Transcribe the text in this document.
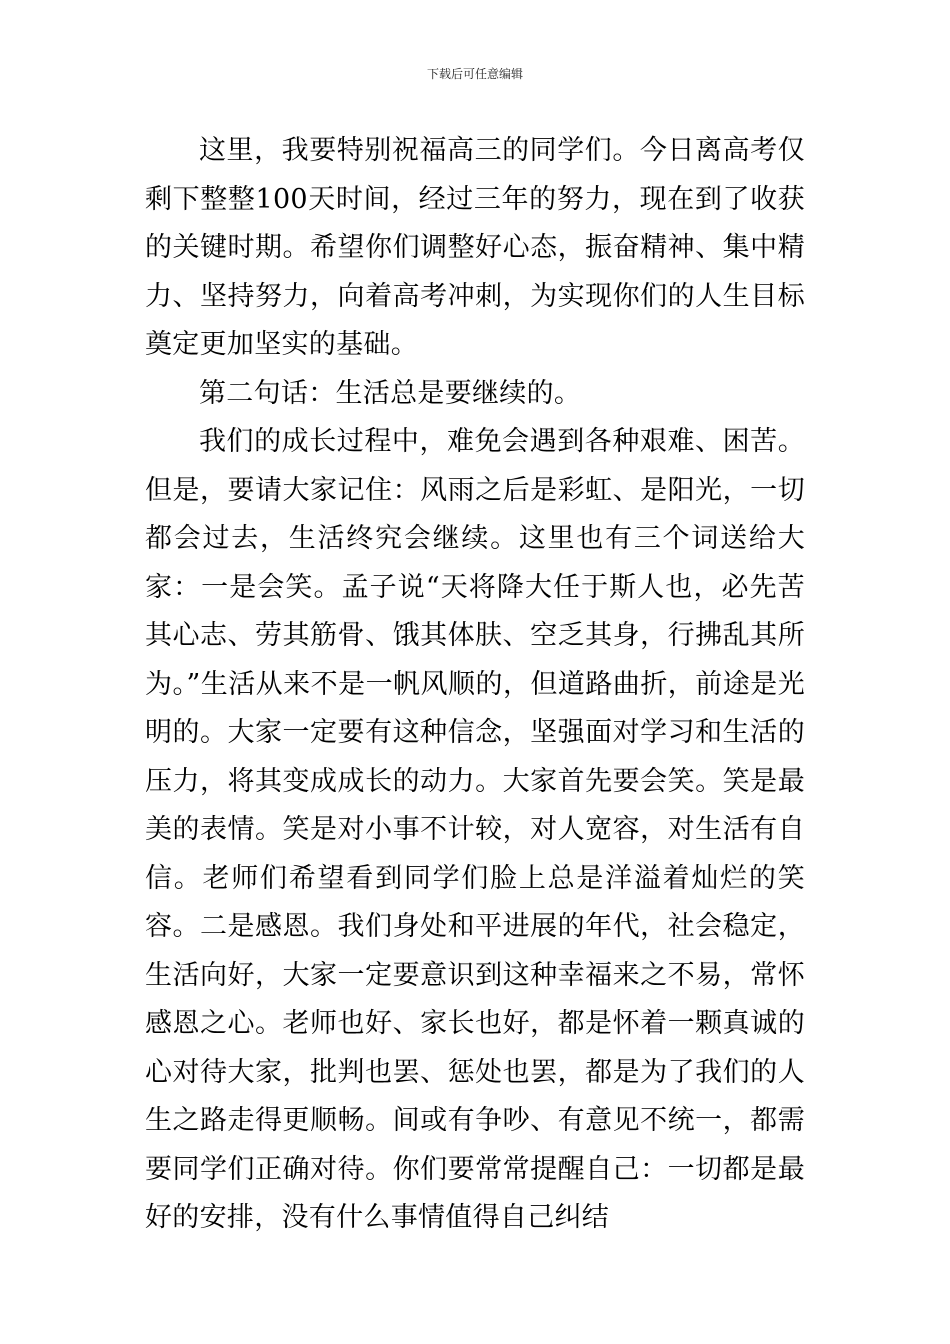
下载后可任意编辑

这里，我要特别祝福高三的同学们。今日离高考仅剩下整整100天时间，经过三年的努力，现在到了收获的关键时期。希望你们调整好心态，振奋精神、集中精力、坚持努力，向着高考冲刺，为实现你们的人生目标奠定更加坚实的基础。

第二句话：生活总是要继续的。

我们的成长过程中，难免会遇到各种艰难、困苦。但是，要请大家记住：风雨之后是彩虹、是阳光，一切都会过去，生活终究会继续。这里也有三个词送给大家：一是会笑。孟子说“天将降大任于斯人也，必先苦其心志、劳其筋骨、饿其体肤、空乏其身，行拂乱其所为。”生活从来不是一帆风顺的，但道路曲折，前途是光明的。大家一定要有这种信念，坚强面对学习和生活的压力，将其变成成长的动力。大家首先要会笑。笑是最美的表情。笑是对小事不计较，对人宽容，对生活有自信。老师们希望看到同学们脸上总是洋溢着灿烂的笑容。二是感恩。我们身处和平进展的年代，社会稳定，生活向好，大家一定要意识到这种幸福来之不易，常怀感恩之心。老师也好、家长也好，都是怀着一颗真诚的心对待大家，批判也罢、惩处也罢，都是为了我们的人生之路走得更顺畅。间或有争吵、有意见不统一，都需要同学们正确对待。你们要常常提醒自己：一切都是最好的安排，没有什么事情值得自己纠结
